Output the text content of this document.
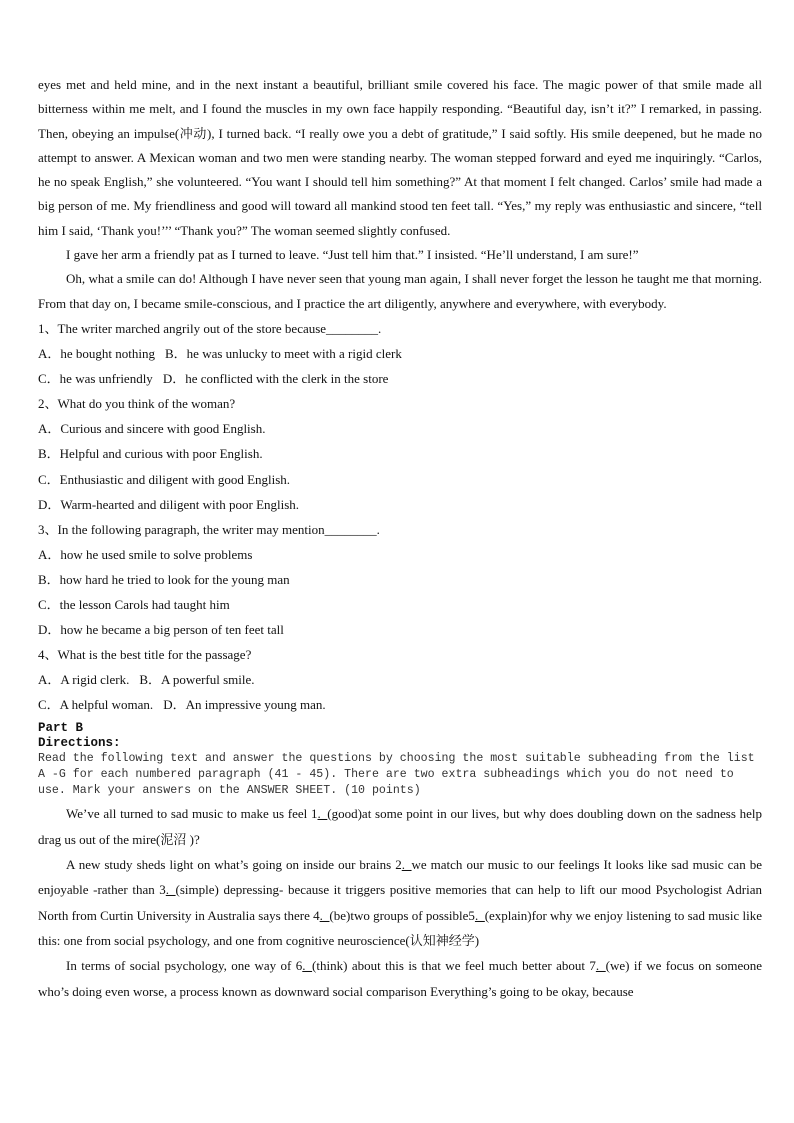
eyes met and held mine, and in the next instant a beautiful, brilliant smile covered his face. The magic power of that smile made all bitterness within me melt, and I found the muscles in my own face happily responding. “Beautiful day, isn’t it?” I remarked, in passing. Then, obeying an impulse(冲动), I turned back. “I really owe you a debt of gratitude,” I said softly. His smile deepened, but he made no attempt to answer. A Mexican woman and two men were standing nearby. The woman stepped forward and eyed me inquiringly. “Carlos, he no speak English,” she volunteered. “You want I should tell him something?” At that moment I felt changed. Carlos’ smile had made a big person of me. My friendliness and good will toward all mankind stood ten feet tall. “Yes,” my reply was enthusiastic and sincere, “tell him I said, ‘Thank you!’’’ “Thank you?” The woman seemed slightly confused.

I gave her arm a friendly pat as I turned to leave. “Just tell him that.” I insisted. “He’ll understand, I am sure!”

Oh, what a smile can do! Although I have never seen that young man again, I shall never forget the lesson he taught me that morning. From that day on, I became smile-conscious, and I practice the art diligently, anywhere and everywhere, with everybody.

1、The writer marched angrily out of the store because________.

A．he bought nothing B．he was unlucky to meet with a rigid clerk

C．he was unfriendly D．he conflicted with the clerk in the store

2、What do you think of the woman?

A．Curious and sincere with good English.

B．Helpful and curious with poor English.

C．Enthusiastic and diligent with good English.

D．Warm-hearted and diligent with poor English.

3、In the following paragraph, the writer may mention________.

A．how he used smile to solve problems

B．how hard he tried to look for the young man

C．the lesson Carols had taught him

D．how he became a big person of ten feet tall

4、What is the best title for the passage?

A．A rigid clerk. B．A powerful smile.

C．A helpful woman. D．An impressive young man.

Part B
Directions:
Read the following text and answer the questions by choosing the most suitable subheading from the list A -G for each numbered paragraph (41 - 45). There are two extra subheadings which you do not need to use. Mark your answers on the ANSWER SHEET. (10 points)

We’ve all turned to sad music to make us feel 1._(good)at some point in our lives, but why does doubling down on the sadness help drag us out of the mire(泥沼 )?

A new study sheds light on what’s going on inside our brains 2._we match our music to our feelings It looks like sad music can be enjoyable -rather than 3._(simple) depressing- because it triggers positive memories that can help to lift our mood Psychologist Adrian North from Curtin University in Australia says there 4._(be)two groups of possible5._(explain)for why we enjoy listening to sad music like this: one from social psychology, and one from cognitive neuroscience(认知神经学)

In terms of social psychology, one way of 6._(think) about this is that we feel much better about 7._(we) if we focus on someone who’s doing even worse, a process known as downward social comparison Everything’s going to be okay, because
